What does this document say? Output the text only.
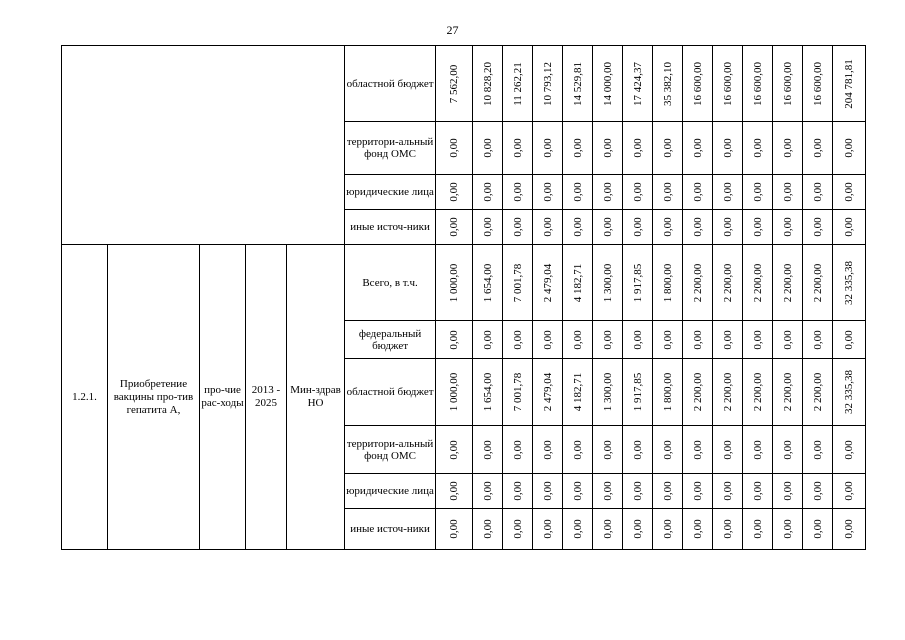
27
					областной бюджет	7 562,00	10 828,20	11 262,21	10 793,12	14 529,81	14 000,00	17 424,37	35 382,10	16 600,00	16 600,00	16 600,00	16 600,00	16 600,00	204 781,81

					территори-альный фонд ОМС	0,00	0,00	0,00	0,00	0,00	0,00	0,00	0,00	0,00	0,00	0,00	0,00	0,00	0,00

					юридические лица	0,00	0,00	0,00	0,00	0,00	0,00	0,00	0,00	0,00	0,00	0,00	0,00	0,00	0,00

					иные источ-ники	0,00	0,00	0,00	0,00	0,00	0,00	0,00	0,00	0,00	0,00	0,00	0,00	0,00	0,00

1.2.1.	Приобретение вакцины про-тив гепатита А,	про-чие рас-ходы	2013 - 2025	Мин-здрав НО	Всего, в т.ч.	1 000,00	1 654,00	7 001,78	2 479,04	4 182,71	1 300,00	1 917,85	1 800,00	2 200,00	2 200,00	2 200,00	2 200,00	2 200,00	32 335,38

					федеральный бюджет	0,00	0,00	0,00	0,00	0,00	0,00	0,00	0,00	0,00	0,00	0,00	0,00	0,00	0,00

					областной бюджет	1 000,00	1 654,00	7 001,78	2 479,04	4 182,71	1 300,00	1 917,85	1 800,00	2 200,00	2 200,00	2 200,00	2 200,00	2 200,00	32 335,38

					территори-альный фонд ОМС	0,00	0,00	0,00	0,00	0,00	0,00	0,00	0,00	0,00	0,00	0,00	0,00	0,00	0,00

					юридические лица	0,00	0,00	0,00	0,00	0,00	0,00	0,00	0,00	0,00	0,00	0,00	0,00	0,00	0,00

					иные источ-ники	0,00	0,00	0,00	0,00	0,00	0,00	0,00	0,00	0,00	0,00	0,00	0,00	0,00	0,00
